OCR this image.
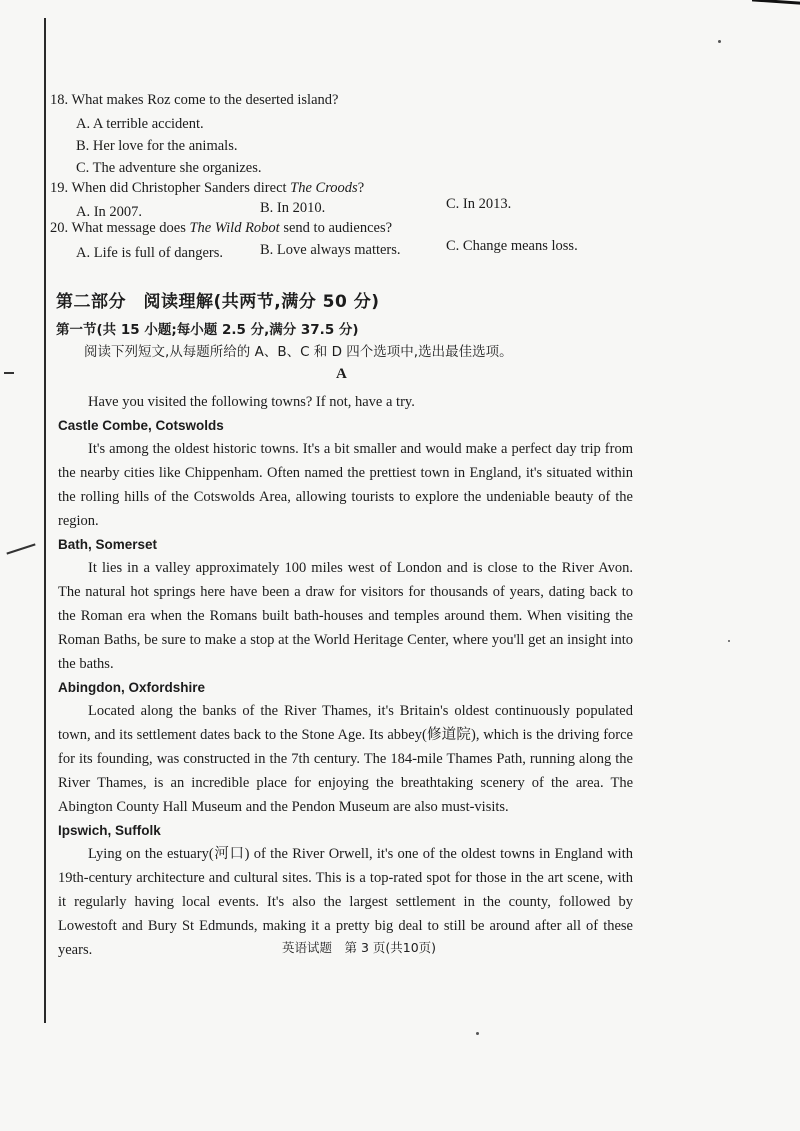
18. What makes Roz come to the deserted island?
A. A terrible accident.
B. Her love for the animals.
C. The adventure she organizes.
19. When did Christopher Sanders direct The Croods?
A. In 2007.	B. In 2010.	C. In 2013.
20. What message does The Wild Robot send to audiences?
A. Life is full of dangers.	B. Love always matters.	C. Change means loss.
第二部分　阅读理解(共两节,满分 50 分)
第一节(共 15 小题;每小题 2.5 分,满分 37.5 分)
阅读下列短文,从每题所给的 A、B、C 和 D 四个选项中,选出最佳选项。
A

Have you visited the following towns? If not, have a try.

Castle Combe, Cotswolds

It's among the oldest historic towns. It's a bit smaller and would make a perfect day trip from the nearby cities like Chippenham. Often named the prettiest town in England, it's situated within the rolling hills of the Cotswolds Area, allowing tourists to explore the undeniable beauty of the region.

Bath, Somerset

It lies in a valley approximately 100 miles west of London and is close to the River Avon. The natural hot springs here have been a draw for visitors for thousands of years, dating back to the Roman era when the Romans built bath-houses and temples around them. When visiting the Roman Baths, be sure to make a stop at the World Heritage Center, where you'll get an insight into the baths.

Abingdon, Oxfordshire

Located along the banks of the River Thames, it's Britain's oldest continuously populated town, and its settlement dates back to the Stone Age. Its abbey(修道院), which is the driving force for its founding, was constructed in the 7th century. The 184-mile Thames Path, running along the River Thames, is an incredible place for enjoying the breathtaking scenery of the area. The Abington County Hall Museum and the Pendon Museum are also must-visits.

Ipswich, Suffolk

Lying on the estuary(河口) of the River Orwell, it's one of the oldest towns in England with 19th-century architecture and cultural sites. This is a top-rated spot for those in the art scene, with it regularly having local events. It's also the largest settlement in the county, followed by Lowestoft and Bury St Edmunds, making it a pretty big deal to still be around after all of these years.	英语试题　第 3 页(共10页)
